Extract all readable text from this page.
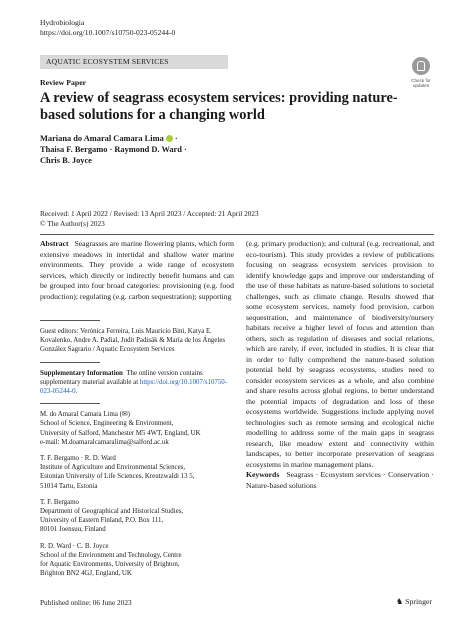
Hydrobiologia
https://doi.org/10.1007/s10750-023-05244-0
AQUATIC ECOSYSTEM SERVICES
Check for
updates
Review Paper
A review of seagrass ecosystem services: providing nature-based solutions for a changing world
Mariana do Amaral Camara Lima ·
Thaisa F. Bergamo · Raymond D. Ward ·
Chris B. Joyce
Received: 1 April 2022 / Revised: 13 April 2023 / Accepted: 21 April 2023
© The Author(s) 2023

Abstract Seagrasses are marine flowering plants, which form extensive meadows in intertidal and shallow water marine environments. They provide a wide range of ecosystem services, which directly or indirectly benefit humans and can be grouped into four broad categories: provisioning (e.g. food production); regulating (e.g. carbon sequestration); supporting

Guest editors: Verónica Ferreira, Luis Mauricio Bini, Katya E. Kovalenko, Andre A. Padial, Judit Padisák & María de los Ángeles González Sagrario / Aquatic Ecosystem Services

Supplementary Information The online version contains supplementary material available at https://doi.org/10.1007/s10750-023-05244-0.

M. do Amaral Camara Lima (✉)
School of Science, Engineering & Environment,
University of Salford, Manchester M5 4WT, England, UK
e-mail: M.doamaralcamaralima@salford.ac.uk
T. F. Bergamo · R. D. Ward
Institute of Agriculture and Environmental Sciences,
Estonian University of Life Sciences, Kreutzwaldi 13 5,
51014 Tartu, Estonia
T. F. Bergamo
Department of Geographical and Historical Studies,
University of Eastern Finland, P.O. Box 111,
80101 Joensuu, Finland
R. D. Ward · C. B. Joyce
School of the Environment and Technology, Centre
for Aquatic Environments, University of Brighton,
Brighton BN2 4GJ, England, UK

(e.g. primary production); and cultural (e.g. recreational, and eco-tourism). This study provides a review of publications focusing on seagrass ecosystem services provision to identify knowledge gaps and improve our understanding of the use of these habitats as nature-based solutions to societal challenges, such as climate change. Results showed that some ecosystem services, namely food provision, carbon sequestration, and maintenance of biodiversity/nursery habitats receive a higher level of focus and attention than others, such as regulation of diseases and social relations, which are rarely, if ever, included in studies. It is clear that in order to fully comprehend the nature-based solution potential held by seagrass ecosystems, studies need to consider ecosystem services as a whole, and also combine and share results across global regions, to better understand the potential impacts of degradation and loss of these ecosystems worldwide. Suggestions include applying novel technologies such as remote sensing and ecological niche modelling to address some of the main gaps in seagrass research, like meadow extent and connectivity within landscapes, to better incorporate preservation of seagrass ecosystems in marine management plans.

Keywords Seagrass · Ecosystem services · Conservation · Nature-based solutions

Published online: 06 June 2023	♞ Springer
